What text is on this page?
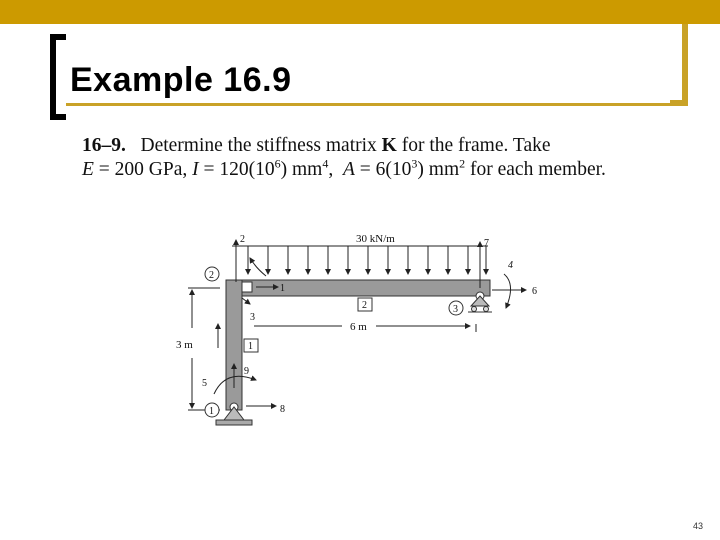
Example 16.9
16–9. Determine the stiffness matrix K for the frame. Take
E = 200 GPa, $I = 120(10^6)$ $mm^4$,  $A = 6(10^3)$ $mm^2$ for each member.
30 kN/m
3 m
6 m
2
1
2
3
1
2
1
3
7
4
6
9
5
8
43
